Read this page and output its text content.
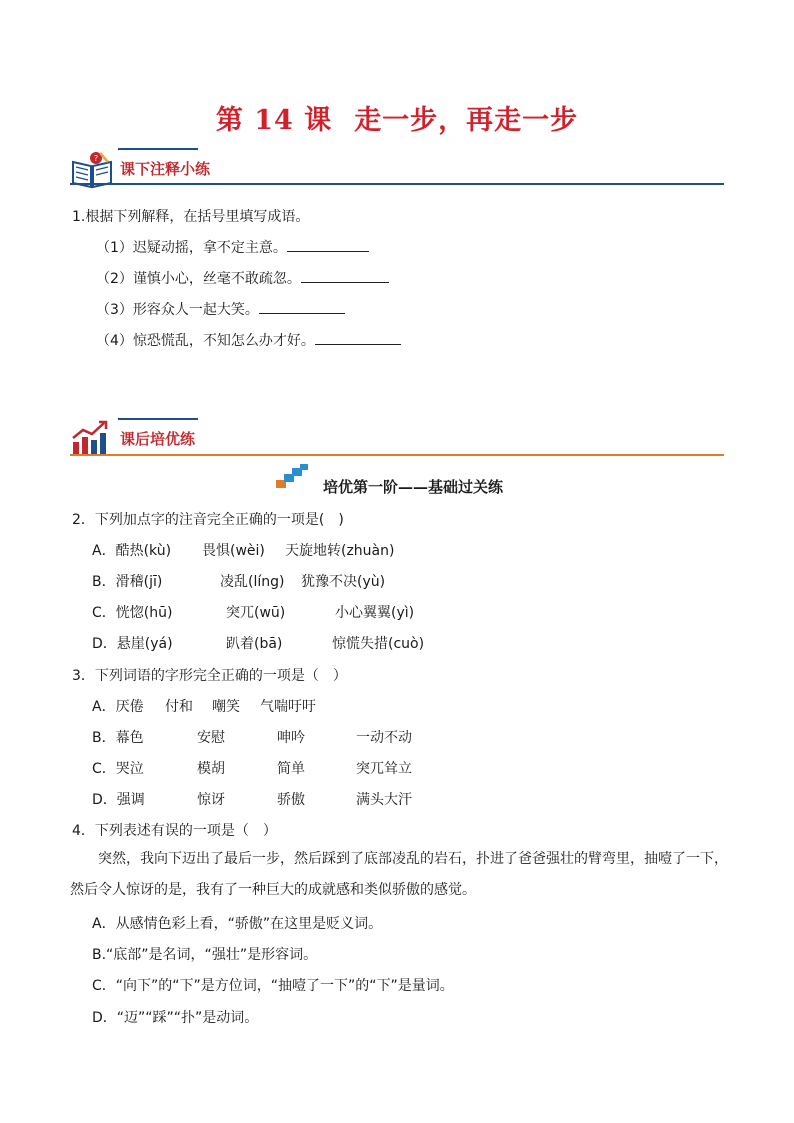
第 14 课 走一步，再走一步
?
课下注释小练
1.根据下列解释，在括号里填写成语。
（1）迟疑动摇，拿不定主意。
（2）谨慎小心，丝毫不敢疏忽。
（3）形容众人一起大笑。
（4）惊恐慌乱，不知怎么办才好。
课后培优练
培优第一阶——基础过关练
2．下列加点字的注音完全正确的一项是(　)
A．酷热(kù) 畏惧(wèi) 天旋地转(zhuàn)
B．滑稽(jī)	凌乱(líng) 犹豫不决(yù)
C．恍惚(hū)	突兀(wū)	小心翼翼(yì)
D．悬崖(yá)	趴着(bā)	惊慌失措(cuò)
3．下列词语的字形完全正确的一项是（　）
A．厌倦 付和 嘲笑 气喘吁吁
B．幕色	安慰	呻吟	一动不动
C．哭泣	模胡	简单	突兀耸立
D．强调	惊讶	骄傲	满头大汗
4．下列表述有误的一项是（　）
突然，我向下迈出了最后一步，然后踩到了底部凌乱的岩石，扑进了爸爸强壮的臂弯里，抽噎了一下，然后令人惊讶的是，我有了一种巨大的成就感和类似骄傲的感觉。
A．从感情色彩上看，“骄傲”在这里是贬义词。
B.“底部”是名词，“强壮”是形容词。
C．“向下”的“下”是方位词，“抽噎了一下”的“下”是量词。
D．“迈”“踩”“扑”是动词。
